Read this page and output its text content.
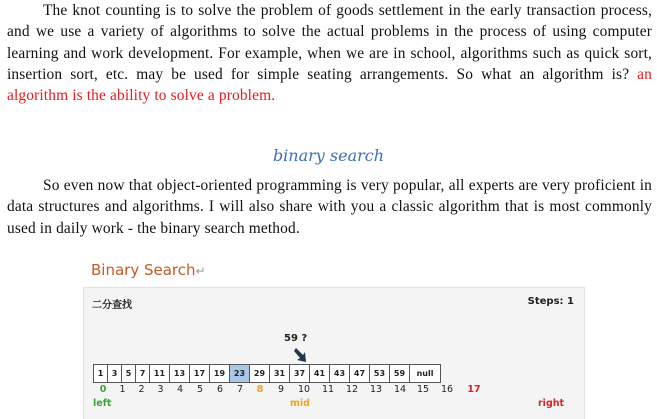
The knot counting is to solve the problem of goods settlement in the early transaction process, and we use a variety of algorithms to solve the actual problems in the process of using computer learning and work development. For example, when we are in school, algorithms such as quick sort, insertion sort, etc. may be used for simple seating arrangements. So what an algorithm is? an algorithm is the ability to solve a problem.
binary search
So even now that object-oriented programming is very popular, all experts are very proficient in data structures and algorithms. I will also share with you a classic algorithm that is most commonly used in daily work - the binary search method.
Binary Search↵
二分查找	Steps: 1
59 ?
1	3	5	7	11	13	17	19	23	29	31	37	41	43	47	53	59	null
0	1	2	3	4	5	6	7	8	9	10	11	12	13	14	15	16	17
left	mid	right
